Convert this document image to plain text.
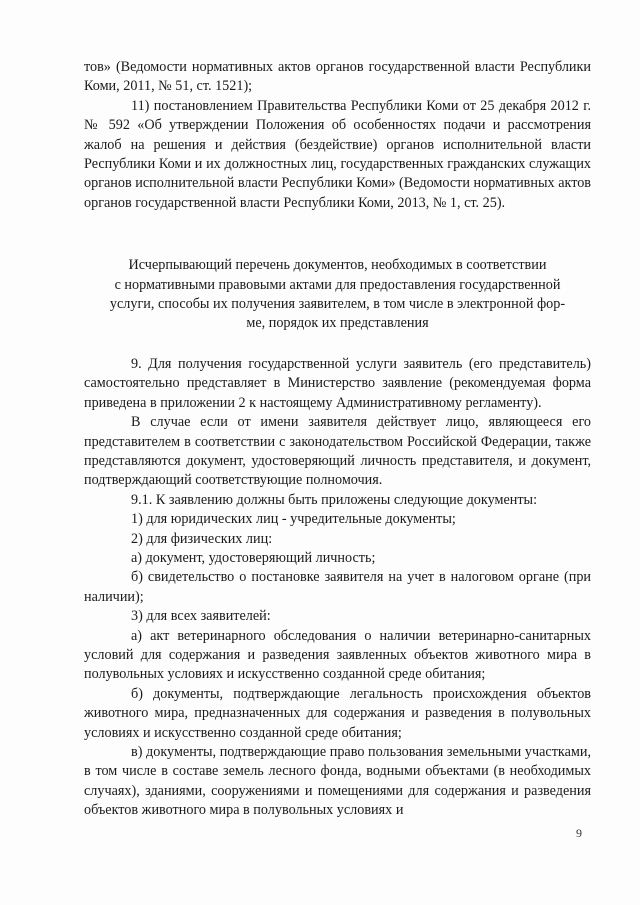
тов» (Ведомости нормативных актов органов государственной власти Республики Коми, 2011, № 51, ст. 1521);

11) постановлением Правительства Республики Коми от 25 декабря 2012 г. № 592 «Об утверждении Положения об особенностях подачи и рассмотрения жалоб на решения и действия (бездействие) органов исполнительной власти Республики Коми и их должностных лиц, государственных гражданских служащих органов исполнительной власти Республики Коми» (Ведомости нормативных актов органов государственной власти Республики Коми, 2013, № 1, ст. 25).

Исчерпывающий перечень документов, необходимых в соответствии
с нормативными правовыми актами для предоставления государственной
услуги, способы их получения заявителем, в том числе в электронной фор-
ме, порядок их представления

9. Для получения государственной услуги заявитель (его представитель) самостоятельно представляет в Министерство заявление (рекомендуемая форма приведена в приложении 2 к настоящему Административному регламенту).

В случае если от имени заявителя действует лицо, являющееся его представителем в соответствии с законодательством Российской Федерации, также представляются документ, удостоверяющий личность представителя, и документ, подтверждающий соответствующие полномочия.

9.1. К заявлению должны быть приложены следующие документы:

1) для юридических лиц - учредительные документы;

2) для физических лиц:

а) документ, удостоверяющий личность;

б) свидетельство о постановке заявителя на учет в налоговом органе (при наличии);

3) для всех заявителей:

а) акт ветеринарного обследования о наличии ветеринарно-санитарных условий для содержания и разведения заявленных объектов животного мира в полувольных условиях и искусственно созданной среде обитания;

б) документы, подтверждающие легальность происхождения объектов животного мира, предназначенных для содержания и разведения в полувольных условиях и искусственно созданной среде обитания;

в) документы, подтверждающие право пользования земельными участками, в том числе в составе земель лесного фонда, водными объектами (в необходимых случаях), зданиями, сооружениями и помещениями для содержания и разведения объектов животного мира в полувольных условиях и

9
